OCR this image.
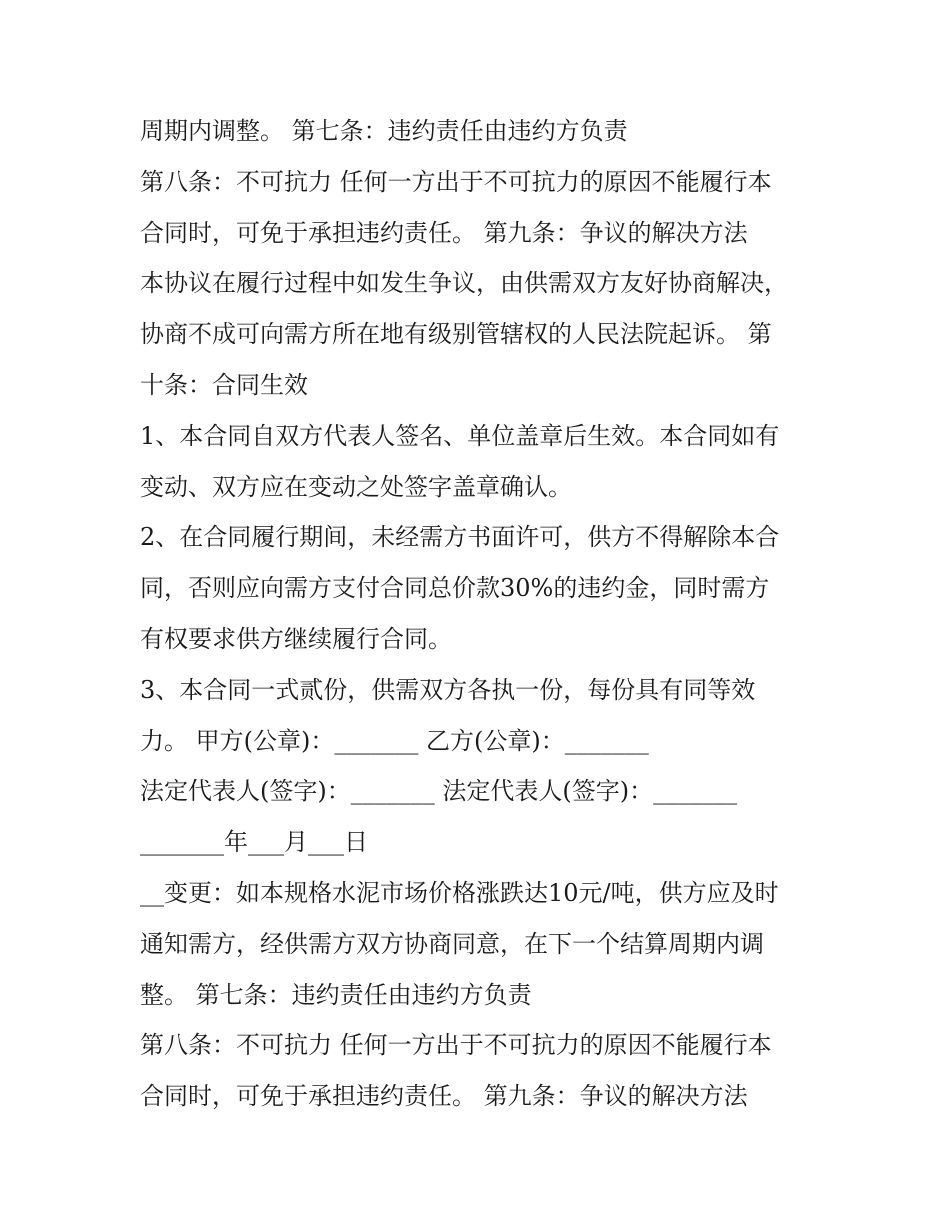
周期内调整。 第七条：违约责任由违约方负责
第八条：不可抗力 任何一方出于不可抗力的原因不能履行本
合同时，可免于承担违约责任。 第九条：争议的解决方法
本协议在履行过程中如发生争议，由供需双方友好协商解决，
协商不成可向需方所在地有级别管辖权的人民法院起诉。 第
十条：合同生效
1、本合同自双方代表人签名、单位盖章后生效。本合同如有
变动、双方应在变动之处签字盖章确认。
2、在合同履行期间，未经需方书面许可，供方不得解除本合
同，否则应向需方支付合同总价款30%的违约金，同时需方
有权要求供方继续履行合同。
3、本合同一式贰份，供需双方各执一份，每份具有同等效
力。 甲方(公章)：_______ 乙方(公章)：_______
法定代表人(签字)：_______ 法定代表人(签字)：_______
_______年___月___日
__变更：如本规格水泥市场价格涨跌达10元/吨，供方应及时
通知需方，经供需方双方协商同意，在下一个结算周期内调
整。 第七条：违约责任由违约方负责
第八条：不可抗力 任何一方出于不可抗力的原因不能履行本
合同时，可免于承担违约责任。 第九条：争议的解决方法
